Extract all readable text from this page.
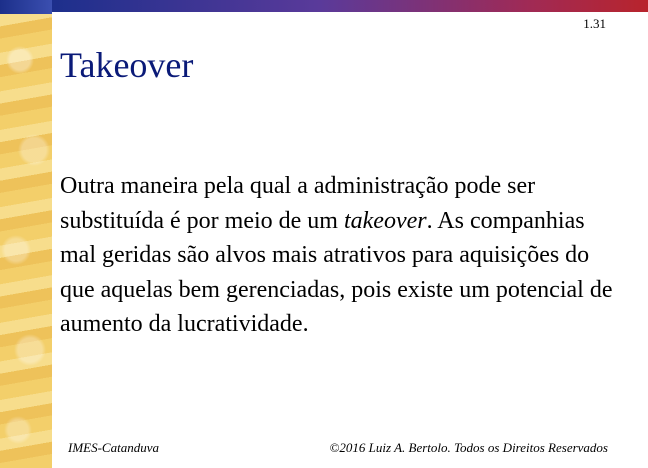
1.31
Takeover
Outra maneira pela qual a administração pode ser substituída é por meio de um takeover. As companhias mal geridas são alvos mais atrativos para aquisições do que aquelas bem gerenciadas, pois existe um potencial de aumento da lucratividade.
IMES-Catanduva	©2016 Luiz A. Bertolo. Todos os Direitos Reservados
